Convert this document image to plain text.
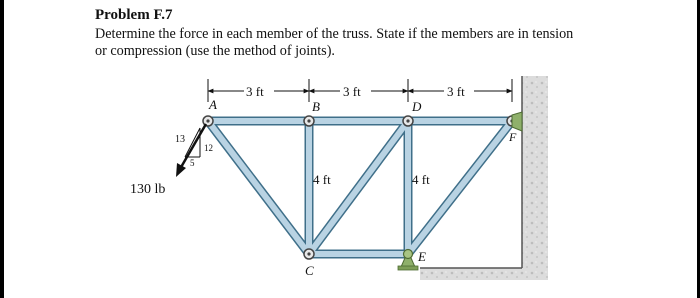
Problem F.7
Determine the force in each member of the truss. State if the members are in tension
or compression (use the method of joints).
3 ft	3 ft	3 ft
A	B	D
F
C
E
4 ft	4 ft
13
12
5
130 lb
